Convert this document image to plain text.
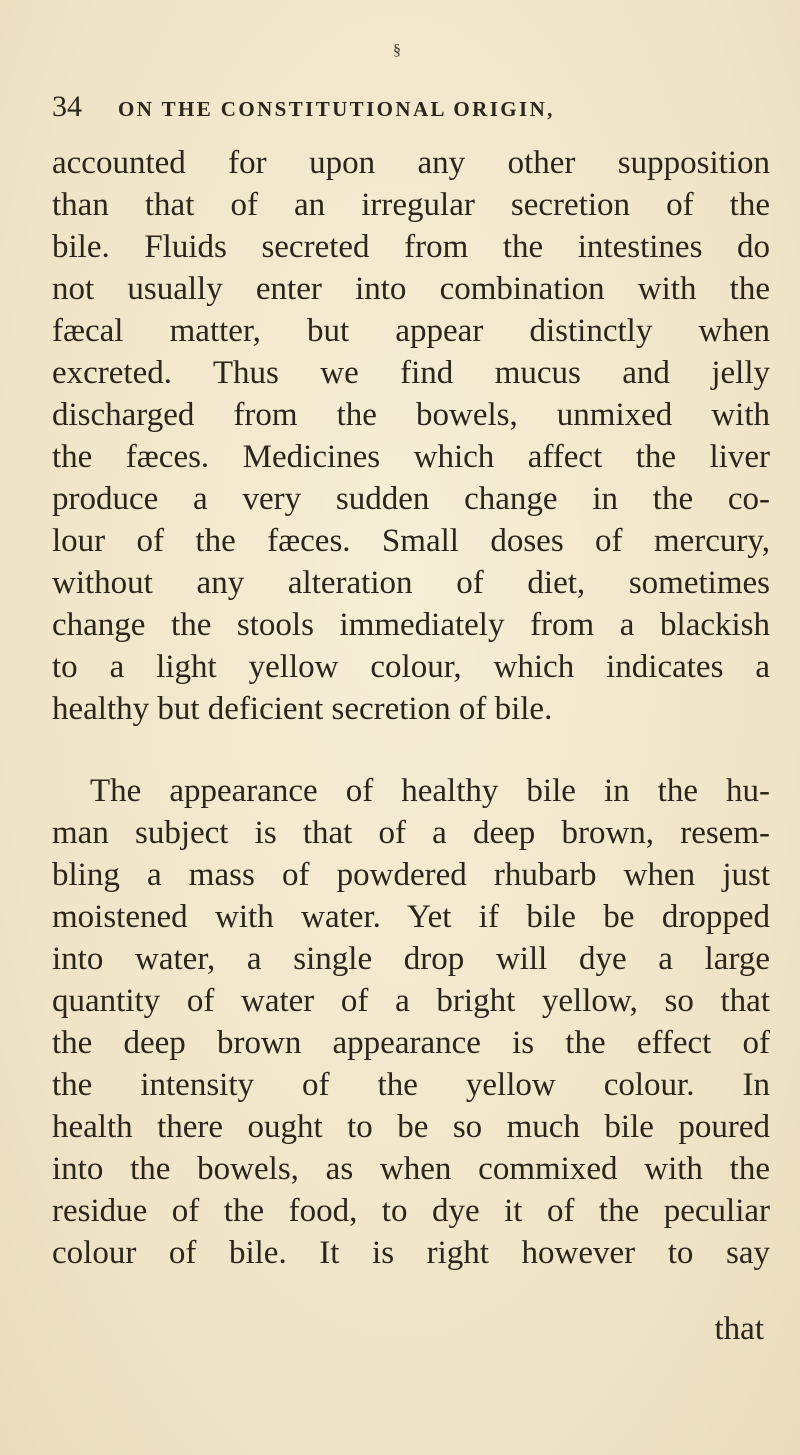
§
34	ON THE CONSTITUTIONAL ORIGIN,
accounted for upon any other supposition
than that of an irregular secretion of the
bile. Fluids secreted from the intestines do
not usually enter into combination with the
fæcal matter, but appear distinctly when
excreted. Thus we find mucus and jelly
discharged from the bowels, unmixed with
the fæces. Medicines which affect the liver
produce a very sudden change in the co-
lour of the fæces. Small doses of mercury,
without any alteration of diet, sometimes
change the stools immediately from a blackish
to a light yellow colour, which indicates a
healthy but deficient secretion of bile.
The appearance of healthy bile in the hu-
man subject is that of a deep brown, resem-
bling a mass of powdered rhubarb when just
moistened with water. Yet if bile be dropped
into water, a single drop will dye a large
quantity of water of a bright yellow, so that
the deep brown appearance is the effect of
the intensity of the yellow colour. In
health there ought to be so much bile poured
into the bowels, as when commixed with the
residue of the food, to dye it of the peculiar
colour of bile. It is right however to say
that
